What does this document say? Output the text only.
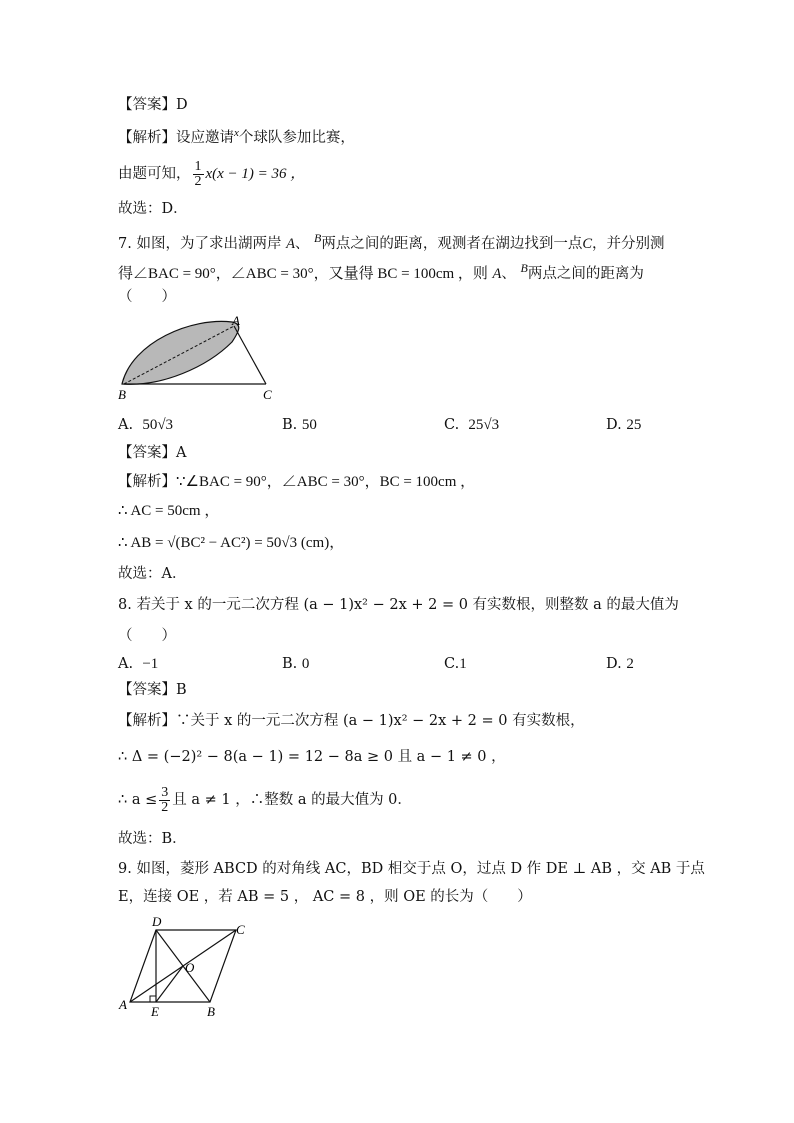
【答案】D
【解析】设应邀请$^x$个球队参加比赛，
由题可知， $\frac{1}{2} x(x - 1) = 36$ ，
故选：D．
7. 如图，为了求出湖两岸 A、 $^B$两点之间的距离，观测者在湖边找到一点C，并分别测
得∠BAC = 90°，∠ABC = 30°，又量得 BC = 100cm ，则 A、 $^B$两点之间的距离为
（　　）
A
B	C
A. 50√3	B. 50	C. 25√3	D. 25
【答案】A
【解析】∵∠BAC = 90°，∠ABC = 30°，BC = 100cm ，
∴ AC = 50cm ，
∴ AB = √(BC² − AC²) = 50√3 (cm)，
故选：A．
8. 若关于 x 的一元二次方程 (a − 1)x² − 2x + 2 = 0 有实数根，则整数 a 的最大值为
（　　）
A. −1	B. 0	C.1	D. 2
【答案】B
【解析】∵关于 x 的一元二次方程 (a − 1)x² − 2x + 2 = 0 有实数根，
∴ Δ = (−2)² − 8(a − 1) = 12 − 8a ≥ 0 且 a − 1 ≠ 0 ，
∴ $a \le \frac{3}{2}$ 且 a ≠ 1 ，∴整数 a 的最大值为 0．
故选：B．
9. 如图，菱形 ABCD 的对角线 AC，BD 相交于点 O，过点 D 作 DE ⊥ AB ，交 AB 于点
E，连接 OE ，若 AB = 5 ， AC = 8 ，则 OE 的长为（　　）
A	B
C
D
E
O
